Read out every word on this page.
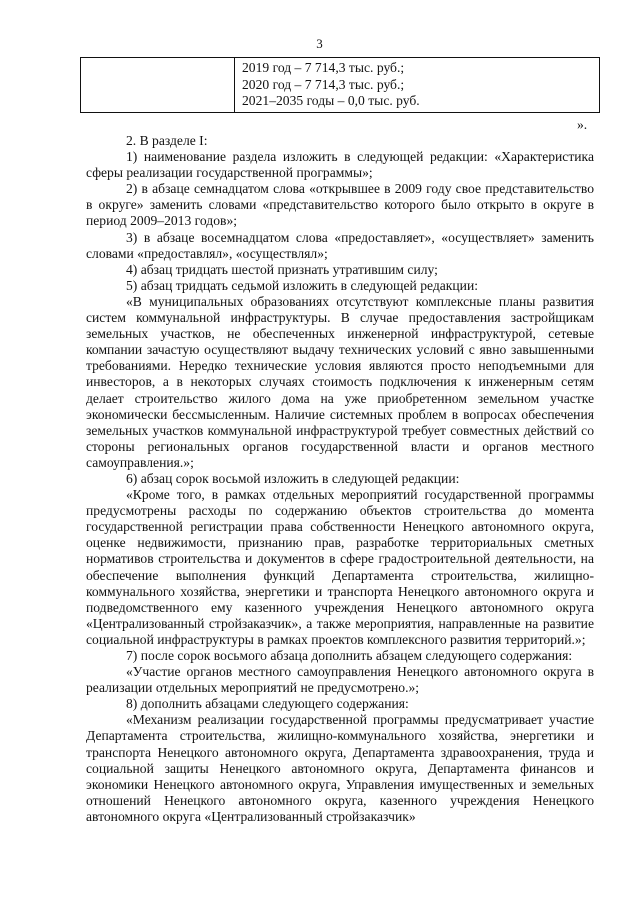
3
2019 год – 7 714,3 тыс. руб.;
2020 год – 7 714,3 тыс. руб.;
2021–2035 годы – 0,0 тыс. руб.
».

2. В разделе I:

1) наименование раздела изложить в следующей редакции: «Характеристика сферы реализации государственной программы»;

2) в абзаце семнадцатом слова «открывшее в 2009 году свое представительство в округе» заменить словами «представительство которого было открыто в округе в период 2009–2013 годов»;

3) в абзаце восемнадцатом слова «предоставляет», «осуществляет» заменить словами «предоставлял», «осуществлял»;

4) абзац тридцать шестой признать утратившим силу;

5) абзац тридцать седьмой изложить в следующей редакции:

«В муниципальных образованиях отсутствуют комплексные планы развития систем коммунальной инфраструктуры. В случае предоставления застройщикам земельных участков, не обеспеченных инженерной инфраструктурой, сетевые компании зачастую осуществляют выдачу технических условий с явно завышенными требованиями. Нередко технические условия являются просто неподъемными для инвесторов, а в некоторых случаях стоимость подключения к инженерным сетям делает строительство жилого дома на уже приобретенном земельном участке экономически бессмысленным. Наличие системных проблем в вопросах обеспечения земельных участков коммунальной инфраструктурой требует совместных действий со стороны региональных органов государственной власти и органов местного самоуправления.»;

6) абзац сорок восьмой изложить в следующей редакции:

«Кроме того, в рамках отдельных мероприятий государственной программы предусмотрены расходы по содержанию объектов строительства до момента государственной регистрации права собственности Ненецкого автономного округа, оценке недвижимости, признанию прав, разработке территориальных сметных нормативов строительства и документов в сфере градостроительной деятельности, на обеспечение выполнения функций Департамента строительства, жилищно-коммунального хозяйства, энергетики и транспорта Ненецкого автономного округа и подведомственного ему казенного учреждения Ненецкого автономного округа «Централизованный стройзаказчик», а также мероприятия, направленные на развитие социальной инфраструктуры в рамках проектов комплексного развития территорий.»;

7) после сорок восьмого абзаца дополнить абзацем следующего содержания:

«Участие органов местного самоуправления Ненецкого автономного округа в реализации отдельных мероприятий не предусмотрено.»;

8) дополнить абзацами следующего содержания:

«Механизм реализации государственной программы предусматривает участие Департамента строительства, жилищно-коммунального хозяйства, энергетики и транспорта Ненецкого автономного округа, Департамента здравоохранения, труда и социальной защиты Ненецкого автономного округа, Департамента финансов и экономики Ненецкого автономного округа, Управления имущественных и земельных отношений Ненецкого автономного округа, казенного учреждения Ненецкого автономного округа «Централизованный стройзаказчик»
